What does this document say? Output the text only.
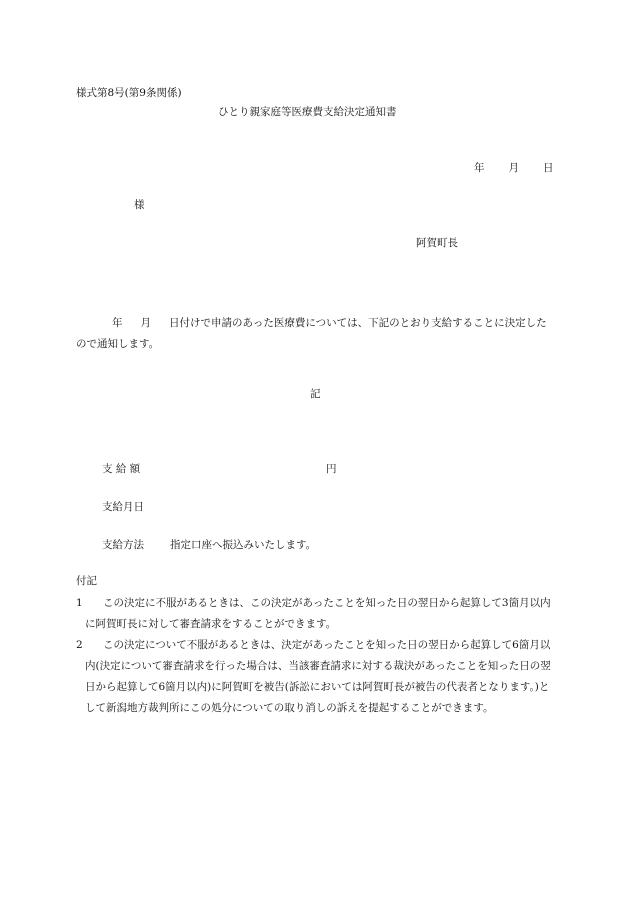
様式第8号(第9条関係)
ひとり親家庭等医療費支給決定通知書
年 月 日
様
阿賀町長
年 月 日付けで申請のあった医療費については、下記のとおり支給することに決定したので通知します。
記
支 給 額	円
支給月日
支給方法 指定口座へ振込みいたします。
付記

1	この決定に不服があるときは、この決定があったことを知った日の翌日から起算して3箇月以内に阿賀町長に対して審査請求をすることができます。

2	この決定について不服があるときは、決定があったことを知った日の翌日から起算して6箇月以内(決定について審査請求を行った場合は、当該審査請求に対する裁決があったことを知った日の翌日から起算して6箇月以内)に阿賀町を被告(訴訟においては阿賀町長が被告の代表者となります。)として新潟地方裁判所にこの処分についての取り消しの訴えを提起することができます。
